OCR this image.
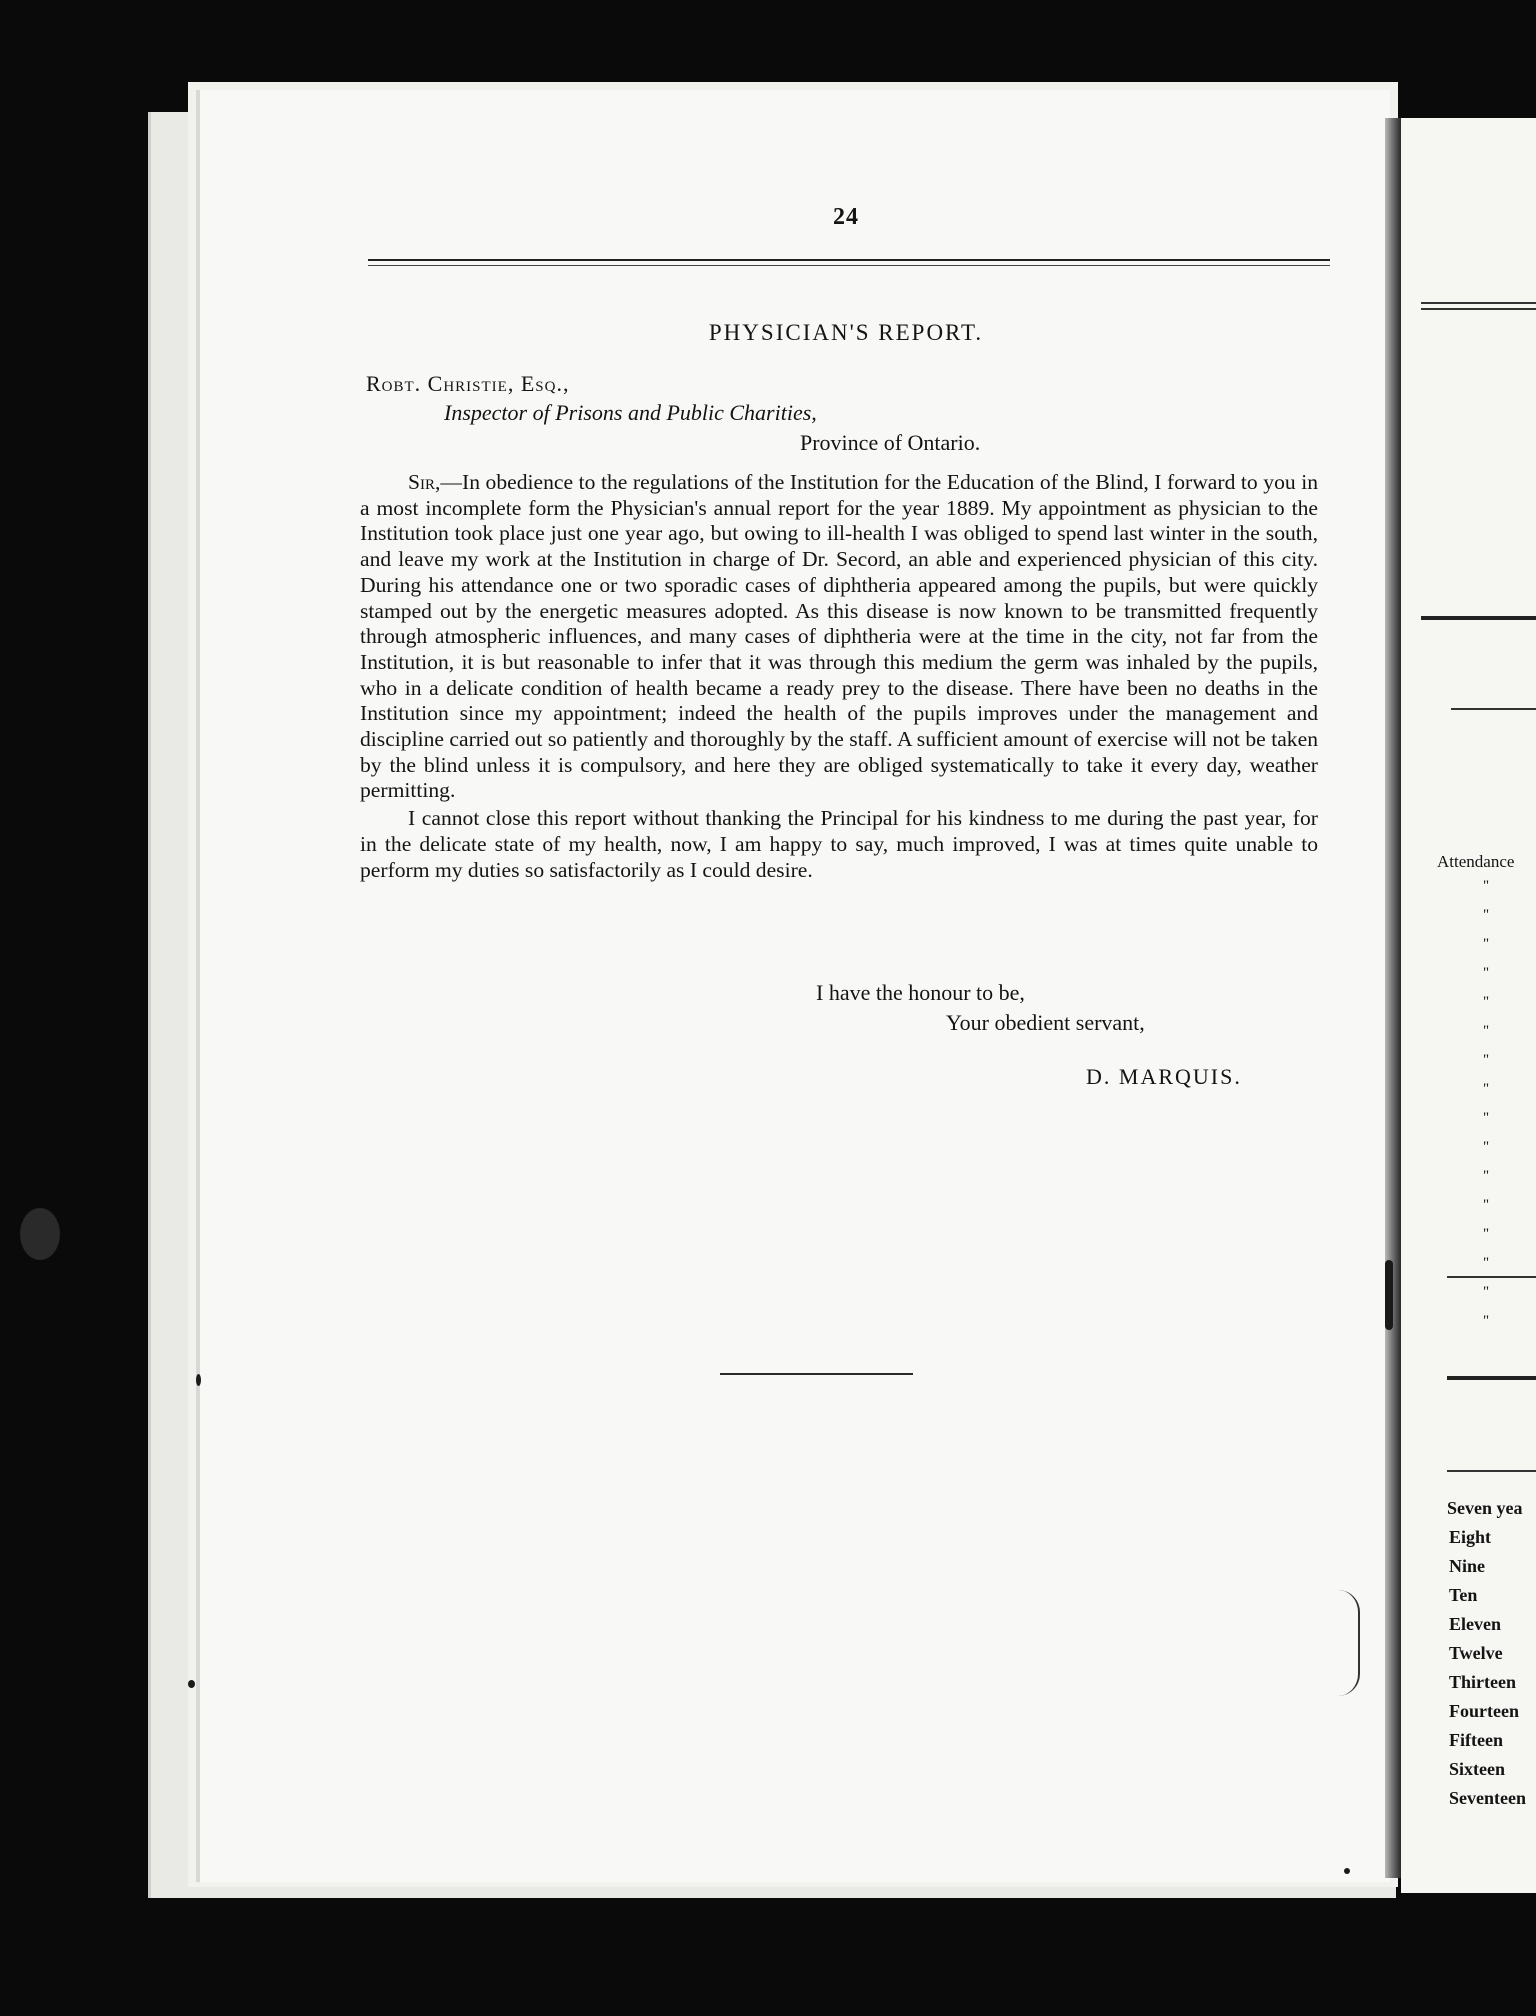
24
PHYSICIAN'S REPORT.
Robt. Christie, Esq.,
Inspector of Prisons and Public Charities,
Province of Ontario.

Sir,—In obedience to the regulations of the Institution for the Education of the Blind, I forward to you in a most incomplete form the Physician's annual report for the year 1889. My appointment as physician to the Institution took place just one year ago, but owing to ill-health I was obliged to spend last winter in the south, and leave my work at the Institution in charge of Dr. Secord, an able and experienced physician of this city. During his attendance one or two sporadic cases of diphtheria appeared among the pupils, but were quickly stamped out by the energetic measures adopted. As this disease is now known to be transmitted frequently through atmospheric influences, and many cases of diphtheria were at the time in the city, not far from the Institution, it is but reasonable to infer that it was through this medium the germ was inhaled by the pupils, who in a delicate condition of health became a ready prey to the disease. There have been no deaths in the Institution since my appointment; indeed the health of the pupils improves under the management and discipline carried out so patiently and thoroughly by the staff. A sufficient amount of exercise will not be taken by the blind unless it is compulsory, and here they are obliged systematically to take it every day, weather permitting.

I cannot close this report without thanking the Principal for his kindness to me during the past year, for in the delicate state of my health, now, I am happy to say, much improved, I was at times quite unable to perform my duties so satisfactorily as I could desire.

I have the honour to be,
Your obedient servant,
D. MARQUIS.
Attendance
"
"
"
"
"
"
"
"
"
"
"
"
"
"
"
"
Seven yea
Eight
Nine
Ten
Eleven
Twelve
Thirteen
Fourteen
Fifteen
Sixteen
Seventeen
